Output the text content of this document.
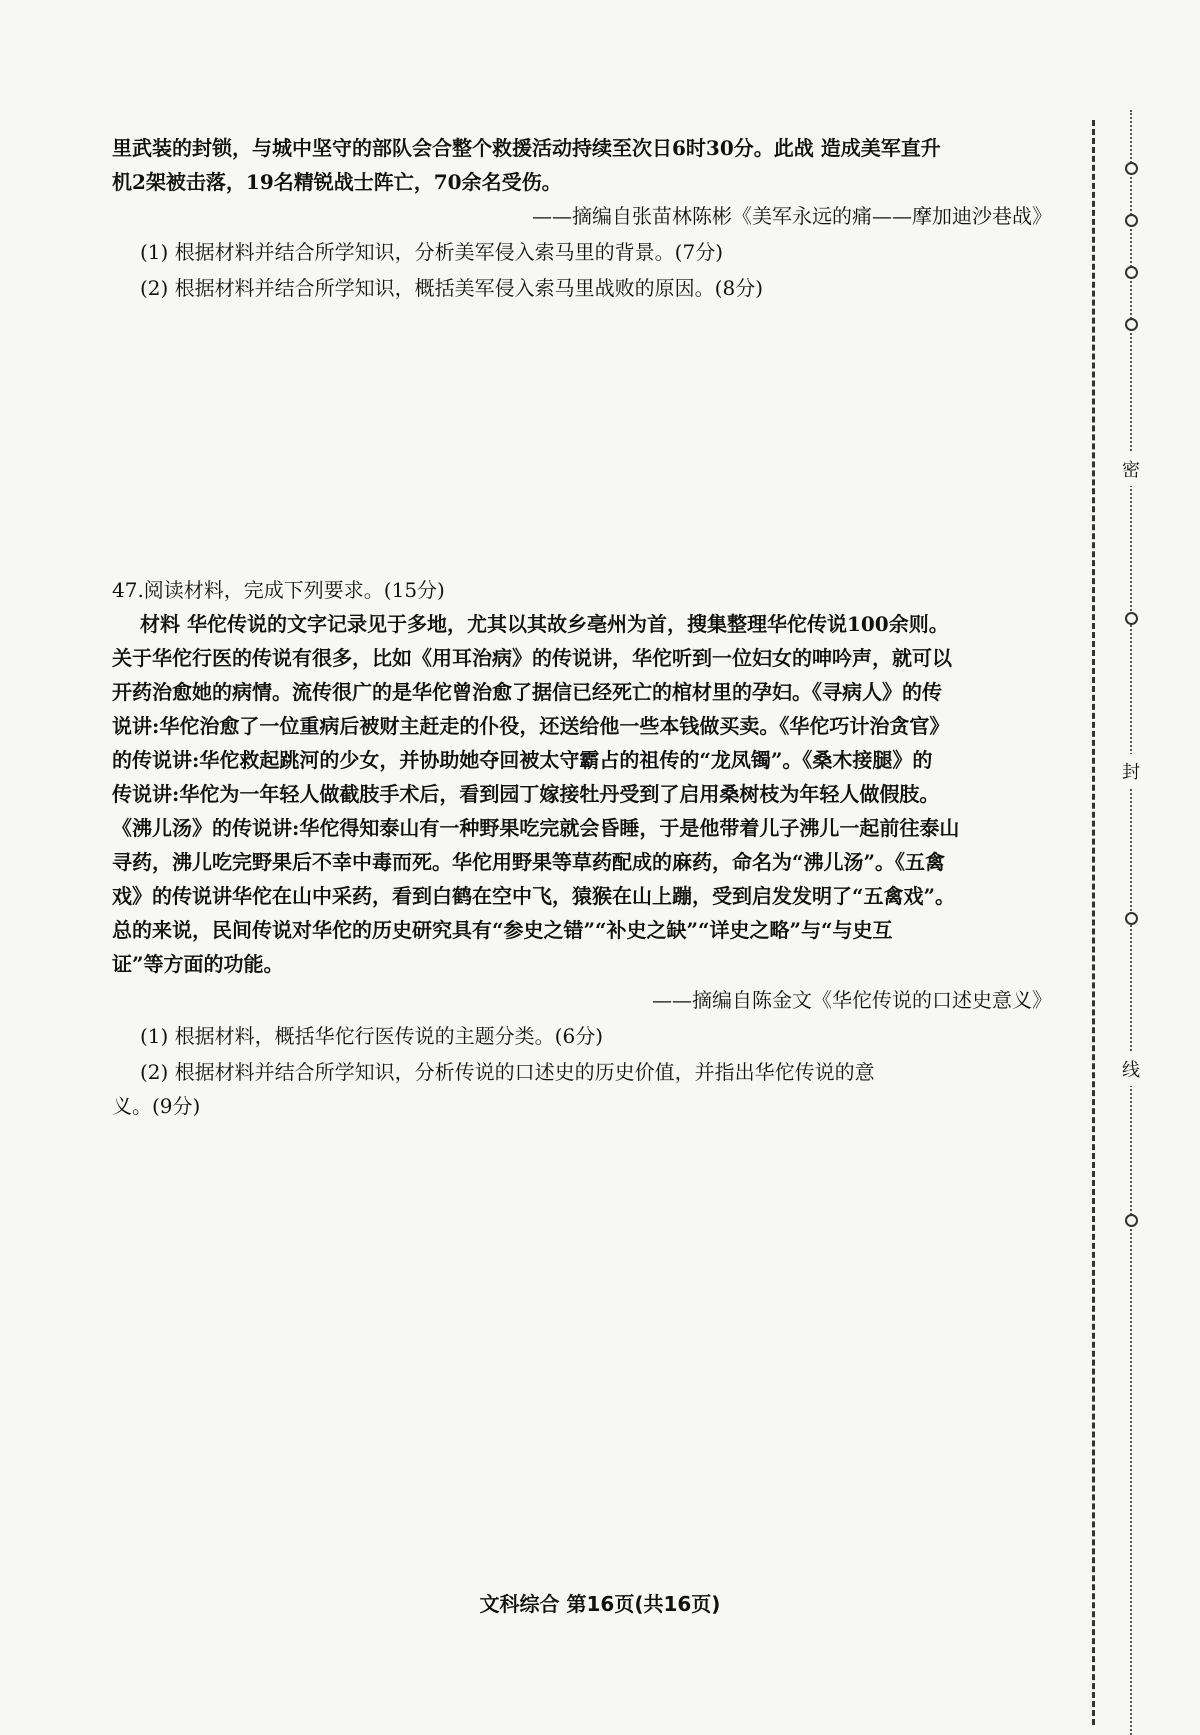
里武装的封锁，与城中坚守的部队会合整个救援活动持续至次日6时30分。此战 造成美军直升
机2架被击落，19名精锐战士阵亡，70余名受伤。
——摘编自张苗林陈彬《美军永远的痛——摩加迪沙巷战》
(1) 根据材料并结合所学知识，分析美军侵入索马里的背景。(7分)
(2) 根据材料并结合所学知识，概括美军侵入索马里战败的原因。(8分)
47.阅读材料，完成下列要求。(15分)
材料 华佗传说的文字记录见于多地，尤其以其故乡亳州为首，搜集整理华佗传说100余则。
关于华佗行医的传说有很多，比如《用耳治病》的传说讲，华佗听到一位妇女的呻吟声，就可以
开药治愈她的病情。流传很广的是华佗曾治愈了据信已经死亡的棺材里的孕妇。《寻病人》的传
说讲:华佗治愈了一位重病后被财主赶走的仆役，还送给他一些本钱做买卖。《华佗巧计治贪官》
的传说讲:华佗救起跳河的少女，并协助她夺回被太守霸占的祖传的“龙凤镯”。《桑木接腿》的
传说讲:华佗为一年轻人做截肢手术后，看到园丁嫁接牡丹受到了启用桑树枝为年轻人做假肢。
《沸儿汤》的传说讲:华佗得知泰山有一种野果吃完就会昏睡，于是他带着儿子沸儿一起前往泰山
寻药，沸儿吃完野果后不幸中毒而死。华佗用野果等草药配成的麻药，命名为“沸儿汤”。《五禽
戏》的传说讲华佗在山中采药，看到白鹤在空中飞，猿猴在山上蹦，受到启发发明了“五禽戏”。
总的来说，民间传说对华佗的历史研究具有“参史之错”“补史之缺”“详史之略”与“与史互
证”等方面的功能。
——摘编自陈金文《华佗传说的口述史意义》
(1) 根据材料，概括华佗行医传说的主题分类。(6分)
(2) 根据材料并结合所学知识，分析传说的口述史的历史价值，并指出华佗传说的意
义。(9分)
密
封
线
文科综合 第16页(共16页)
